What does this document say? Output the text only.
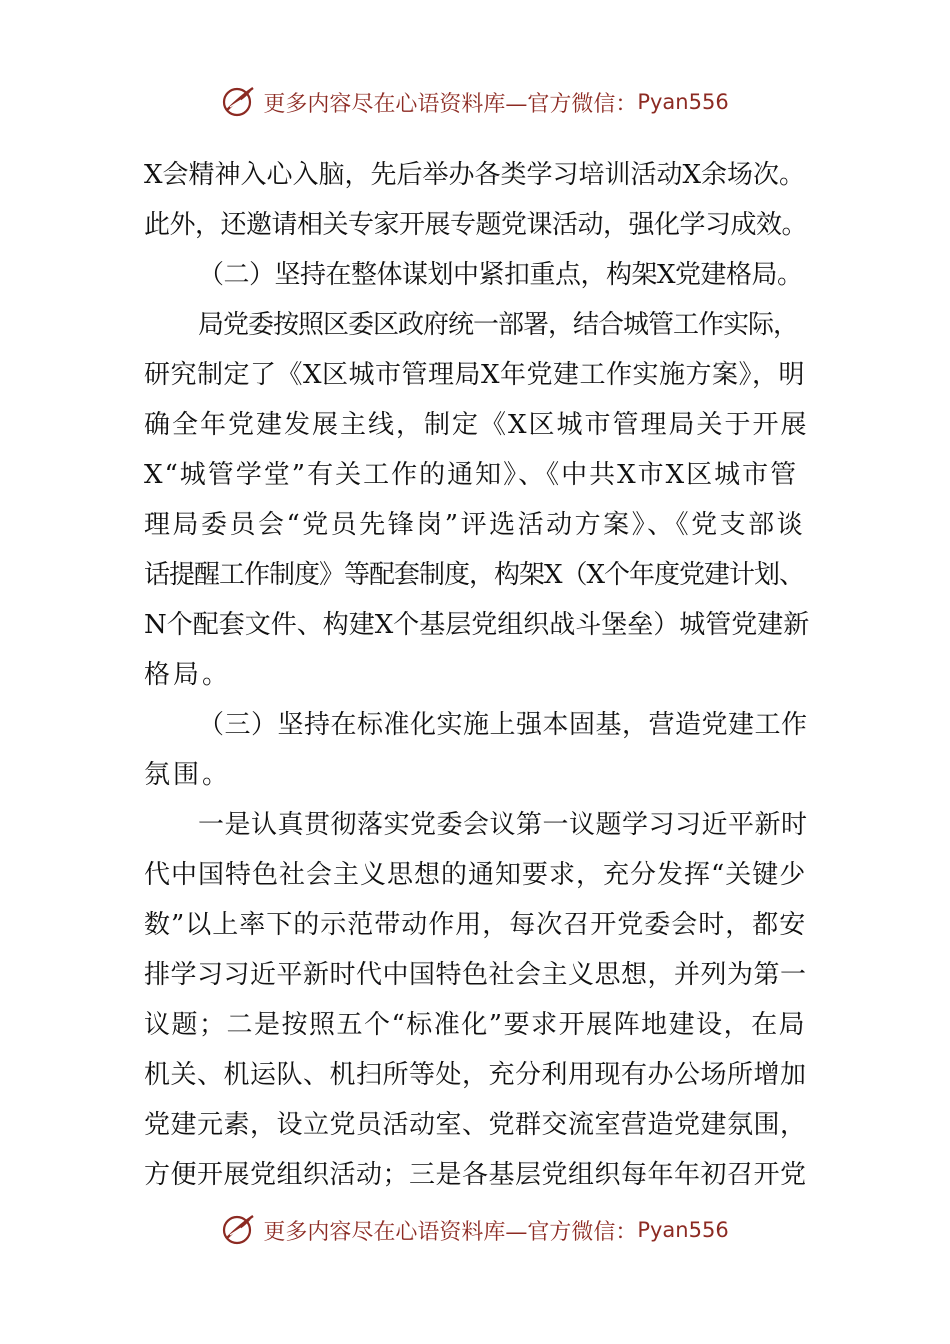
更多内容尽在心语资料库—官方微信： Pyan556
X会精神入心入脑，先后举办各类学习培训活动X余场次。
此外，还邀请相关专家开展专题党课活动，强化学习成效。
（二）坚持在整体谋划中紧扣重点，构架X党建格局。
局党委按照区委区政府统一部署，结合城管工作实际，
研究制定了《X区城市管理局X年党建工作实施方案》，明
确全年党建发展主线，制定《X区城市管理局关于开展
X“城管学堂”有关工作的通知》、《中共X市X区城市管
理局委员会“党员先锋岗”评选活动方案》、《党支部谈
话提醒工作制度》等配套制度，构架X（X个年度党建计划、
N个配套文件、构建X个基层党组织战斗堡垒）城管党建新
格局。
（三）坚持在标准化实施上强本固基，营造党建工作
氛围。
一是认真贯彻落实党委会议第一议题学习习近平新时
代中国特色社会主义思想的通知要求，充分发挥“关键少
数”以上率下的示范带动作用，每次召开党委会时，都安
排学习习近平新时代中国特色社会主义思想，并列为第一
议题；二是按照五个“标准化”要求开展阵地建设，在局
机关、机运队、机扫所等处，充分利用现有办公场所增加
党建元素，设立党员活动室、党群交流室营造党建氛围，
方便开展党组织活动；三是各基层党组织每年年初召开党
更多内容尽在心语资料库—官方微信： Pyan556
